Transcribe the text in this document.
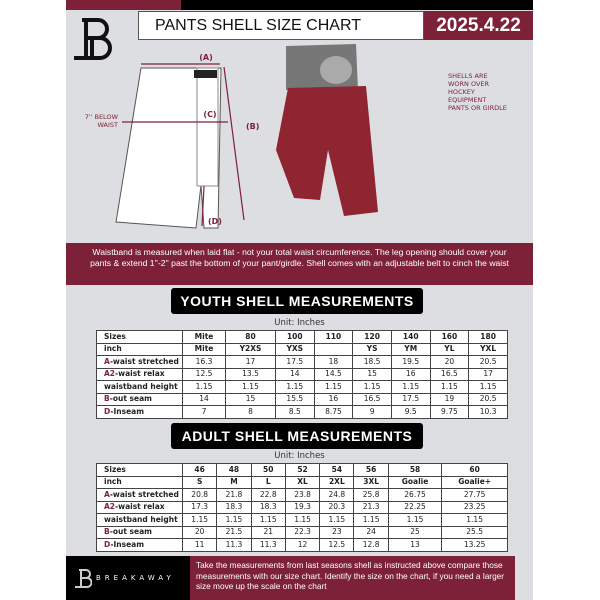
PANTS SHELL SIZE CHART	2025.4.22
(A)
(C)
(B)
(D)
7'' BELOW WAIST
SHELLS ARE WORN OVER HOCKEY EQUIPMENT PANTS OR GIRDLE
Waistband is measured when laid flat - not your total waist circumference. The leg opening should cover your pants & extend 1''-2'' past the bottom of your pant/girdle. Shell comes with an adjustable belt to cinch the waist
YOUTH SHELL MEASUREMENTS
Unit: Inches
Sizes	Mite	80	100	110	120	140	160	180
inch	Mite	Y2XS	YXS		YS	YM	YL	YXL
A-waist stretched	16.3	17	17.5	18	18.5	19.5	20	20.5
A2-waist relax	12.5	13.5	14	14.5	15	16	16.5	17
waistband height	1.15	1.15	1.15	1.15	1.15	1.15	1.15	1.15
B-out seam	14	15	15.5	16	16.5	17.5	19	20.5
D-Inseam	7	8	8.5	8.75	9	9.5	9.75	10.3
ADULT SHELL MEASUREMENTS
Unit: Inches
Sizes	46	48	50	52	54	56	58	60
inch	S	M	L	XL	2XL	3XL	Goalie	Goalie+
A-waist stretched	20.8	21.8	22.8	23.8	24.8	25.8	26.75	27.75
A2-waist relax	17.3	18.3	18.3	19.3	20.3	21.3	22.25	23.25
waistband height	1.15	1.15	1.15	1.15	1.15	1.15	1.15	1.15
B-out seam	20	21.5	21	22.3	23	24	25	25.5
D-Inseam	11	11.3	11.3	12	12.5	12.8	13	13.25
BREAKAWAY
Take the measurements from last seasons shell as instructed above compare those measurements with our size chart. Identify the size on the chart, if you need a larger size move up the scale on the chart
